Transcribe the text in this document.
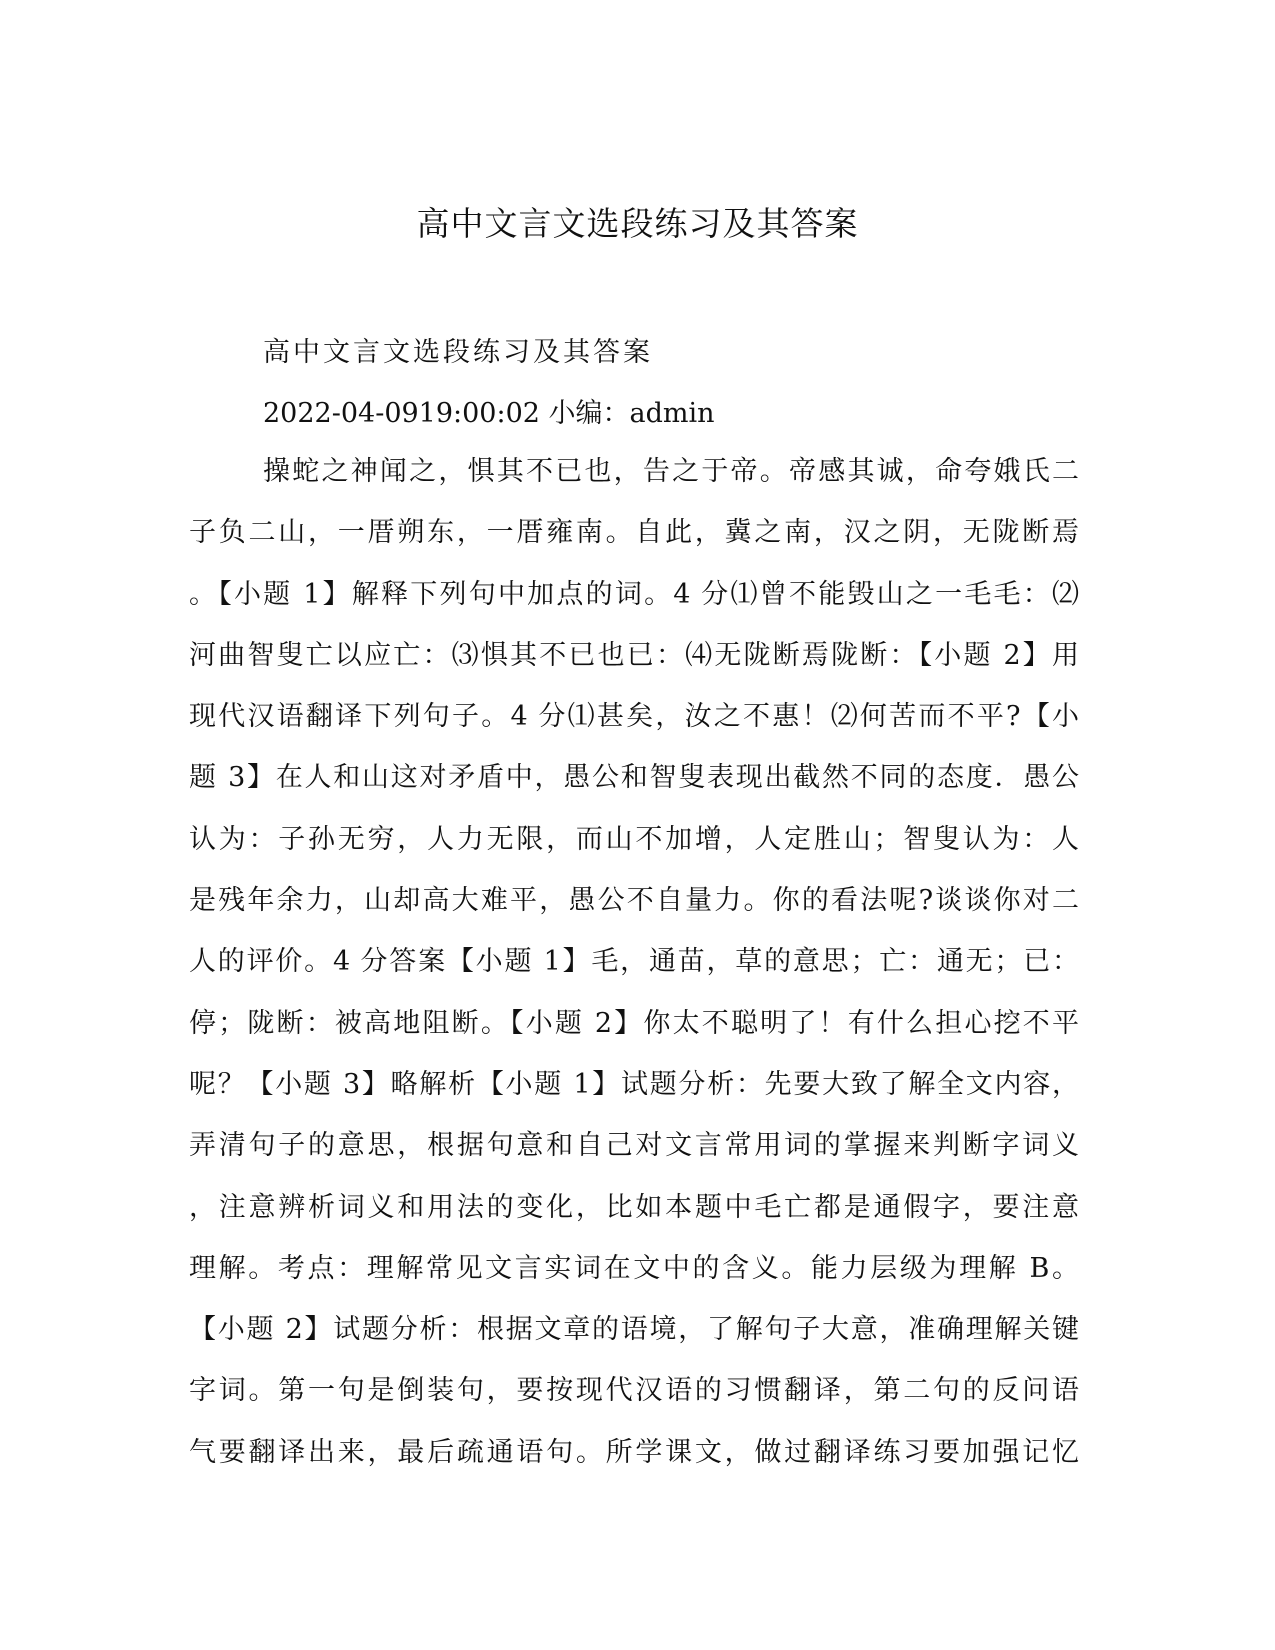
高中文言文选段练习及其答案

高中文言文选段练习及其答案

2022-04-0919:00:02 小编：admin

操蛇之神闻之，惧其不已也，告之于帝。帝感其诚，命夸娥氏二
子负二山，一厝朔东，一厝雍南。自此，冀之南，汉之阴，无陇断焉
。【小题 1】解释下列句中加点的词。4 分⑴曾不能毁山之一毛毛：⑵
河曲智叟亡以应亡：⑶惧其不已也已：⑷无陇断焉陇断：【小题 2】用
现代汉语翻译下列句子。4 分⑴甚矣，汝之不惠！⑵何苦而不平?【小
题 3】在人和山这对矛盾中，愚公和智叟表现出截然不同的态度．愚公
认为：子孙无穷，人力无限，而山不加增，人定胜山；智叟认为：人
是残年余力，山却高大难平，愚公不自量力。你的看法呢?谈谈你对二
人的评价。4 分答案【小题 1】毛，通苗，草的意思；亡：通无；已：
停；陇断：被高地阻断。【小题 2】你太不聪明了！有什么担心挖不平
呢？【小题 3】略解析【小题 1】试题分析：先要大致了解全文内容，
弄清句子的意思，根据句意和自己对文言常用词的掌握来判断字词义
，注意辨析词义和用法的变化，比如本题中毛亡都是通假字，要注意
理解。考点：理解常见文言实词在文中的含义。能力层级为理解 B。
【小题 2】试题分析：根据文章的语境，了解句子大意，准确理解关键
字词。第一句是倒装句，要按现代汉语的习惯翻译，第二句的反问语
气要翻译出来，最后疏通语句。所学课文，做过翻译练习要加强记忆
